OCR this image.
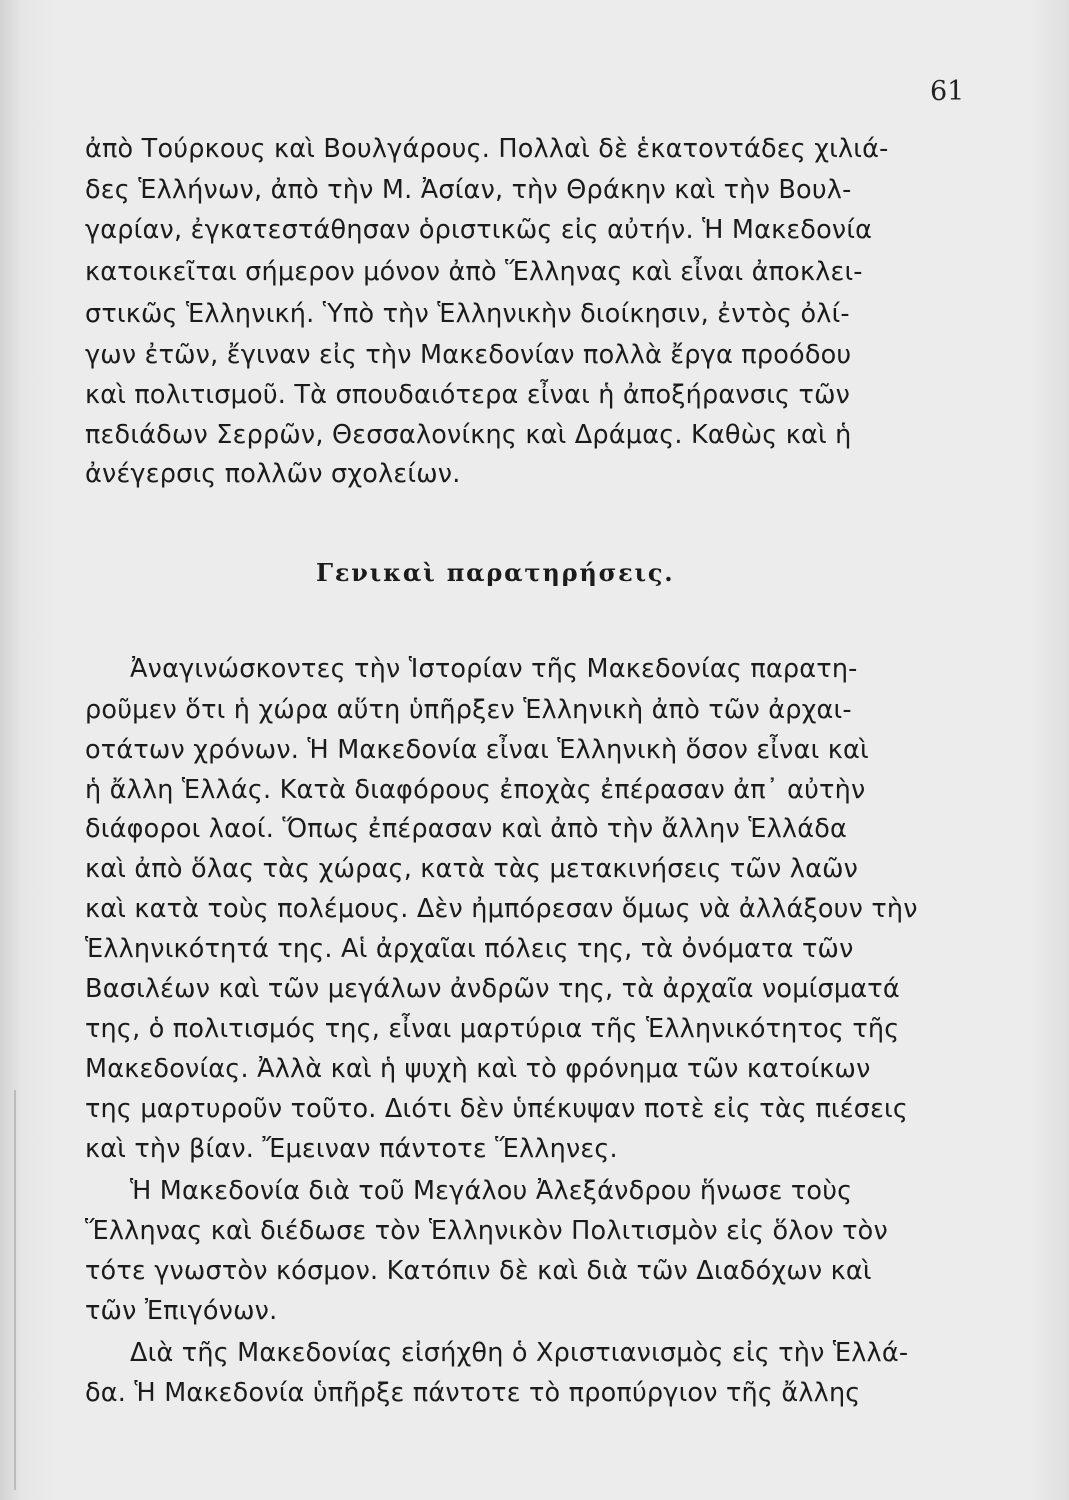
61
ἀπὸ Τούρκους καὶ Βουλγάρους. Πολλαὶ δὲ ἑκατοντάδες χιλιά-
δες Ἑλλήνων, ἀπὸ τὴν Μ. Ἀσίαν, τὴν Θράκην καὶ τὴν Βουλ-
γαρίαν, ἐγκατεστάθησαν ὁριστικῶς εἰς αὐτήν. Ἡ Μακεδονία
κατοικεῖται σήμερον μόνον ἀπὸ Ἕλληνας καὶ εἶναι ἀποκλει-
στικῶς Ἑλληνική. Ὑπὸ τὴν Ἑλληνικὴν διοίκησιν, ἐντὸς ὀλί-
γων ἐτῶν, ἔγιναν εἰς τὴν Μακεδονίαν πολλὰ ἔργα προόδου
καὶ πολιτισμοῦ. Τὰ σπουδαιότερα εἶναι ἡ ἀποξήρανσις τῶν
πεδιάδων Σερρῶν, Θεσσαλονίκης καὶ Δράμας. Καθὼς καὶ ἡ
ἀνέγερσις πολλῶν σχολείων.
Γενικαὶ παρατηρήσεις.
Ἀναγινώσκοντες τὴν Ἱστορίαν τῆς Μακεδονίας παρατη-
ροῦμεν ὅτι ἡ χώρα αὕτη ὑπῆρξεν Ἑλληνικὴ ἀπὸ τῶν ἀρχαι-
οτάτων χρόνων. Ἡ Μακεδονία εἶναι Ἑλληνικὴ ὅσον εἶναι καὶ
ἡ ἄλλη Ἑλλάς. Κατὰ διαφόρους ἐποχὰς ἐπέρασαν ἀπ᾽ αὐτὴν
διάφοροι λαοί. Ὅπως ἐπέρασαν καὶ ἀπὸ τὴν ἄλλην Ἑλλάδα
καὶ ἀπὸ ὅλας τὰς χώρας, κατὰ τὰς μετακινήσεις τῶν λαῶν
καὶ κατὰ τοὺς πολέμους. Δὲν ἠμπόρεσαν ὅμως νὰ ἀλλάξουν τὴν
Ἑλληνικότητά της. Αἱ ἀρχαῖαι πόλεις της, τὰ ὀνόματα τῶν
Βασιλέων καὶ τῶν μεγάλων ἀνδρῶν της, τὰ ἀρχαῖα νομίσματά
της, ὁ πολιτισμός της, εἶναι μαρτύρια τῆς Ἑλληνικότητος τῆς
Μακεδονίας. Ἀλλὰ καὶ ἡ ψυχὴ καὶ τὸ φρόνημα τῶν κατοίκων
της μαρτυροῦν τοῦτο. Διότι δὲν ὑπέκυψαν ποτὲ εἰς τὰς πιέσεις
καὶ τὴν βίαν. Ἔμειναν πάντοτε Ἕλληνες.
Ἡ Μακεδονία διὰ τοῦ Μεγάλου Ἀλεξάνδρου ἥνωσε τοὺς
Ἕλληνας καὶ διέδωσε τὸν Ἑλληνικὸν Πολιτισμὸν εἰς ὅλον τὸν
τότε γνωστὸν κόσμον. Κατόπιν δὲ καὶ διὰ τῶν Διαδόχων καὶ
τῶν Ἐπιγόνων.
Διὰ τῆς Μακεδονίας εἰσήχθη ὁ Χριστιανισμὸς εἰς τὴν Ἑλλά-
δα. Ἡ Μακεδονία ὑπῆρξε πάντοτε τὸ προπύργιον τῆς ἄλλης
